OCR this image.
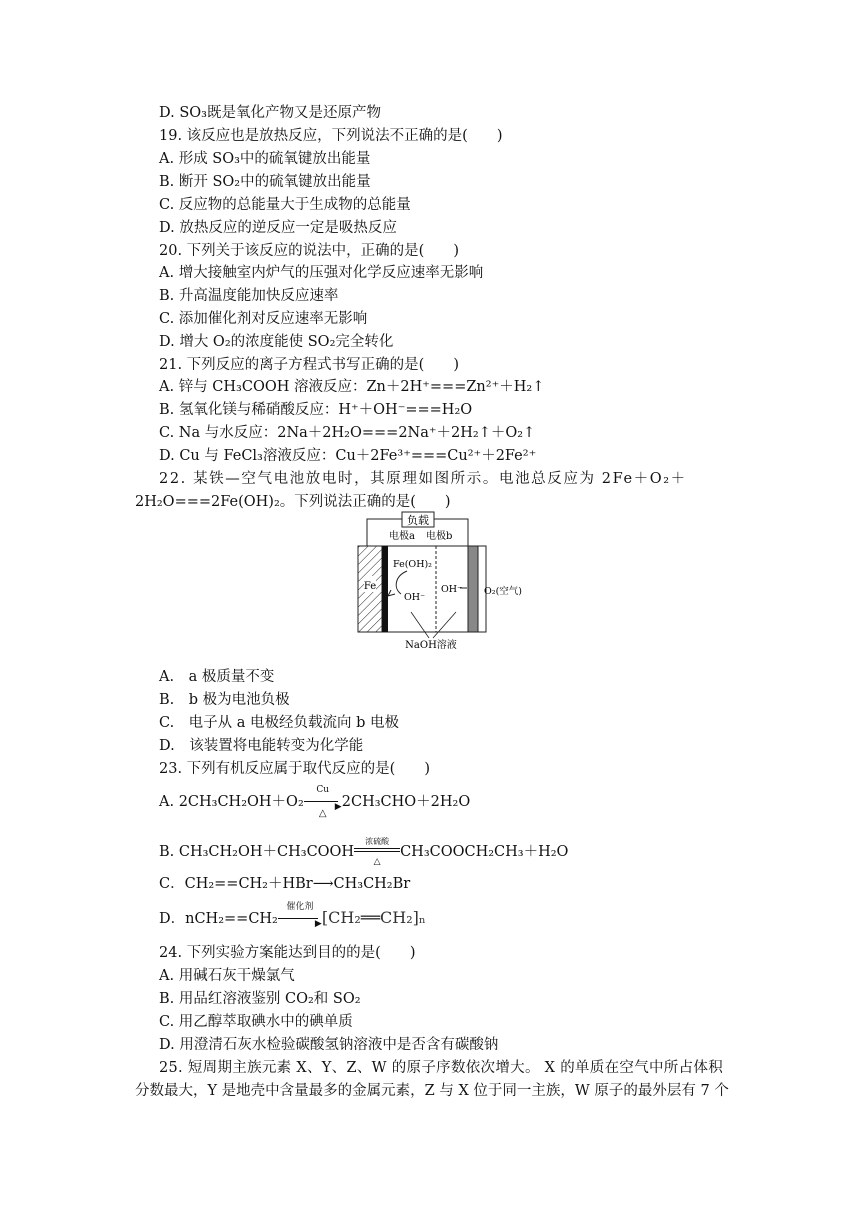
D. SO₃既是氧化产物又是还原产物
19. 该反应也是放热反应，下列说法不正确的是(　　)
A. 形成 SO₃中的硫氧键放出能量
B. 断开 SO₂中的硫氧键放出能量
C. 反应物的总能量大于生成物的总能量
D. 放热反应的逆反应一定是吸热反应
20. 下列关于该反应的说法中，正确的是(　　)
A. 增大接触室内炉气的压强对化学反应速率无影响
B. 升高温度能加快反应速率
C. 添加催化剂对反应速率无影响
D. 增大 O₂的浓度能使 SO₂完全转化
21. 下列反应的离子方程式书写正确的是(　　)
A. 锌与 CH₃COOH 溶液反应：Zn＋2H⁺===Zn²⁺＋H₂↑
B. 氢氧化镁与稀硝酸反应：H⁺＋OH⁻===H₂O
C. Na 与水反应：2Na＋2H₂O===2Na⁺＋2H₂↑＋O₂↑
D. Cu 与 FeCl₃溶液反应：Cu＋2Fe³⁺===Cu²⁺＋2Fe²⁺
22. 某铁—空气电池放电时，其原理如图所示。电池总反应为 2Fe＋O₂＋
2H₂O===2Fe(OH)₂。下列说法正确的是(　　)
负载
Fe
电极a 电极b
Fe(OH)₂
OH⁻
OH⁻ O₂(空气)
NaOH溶液
A.　a 极质量不变
B.　b 极为电池负极
C.　电子从 a 电极经负载流向 b 电极
D.　该装置将电能转变为化学能
23. 下列有机反应属于取代反应的是(　　)
A. 2CH₃CH₂OH＋O₂
Cu
▶
△
2CH₃CHO＋2H₂O
B. CH₃CH₂OH＋CH₃COOH
浓硫酸
△
CH₃COOCH₂CH₃＋H₂O
C．CH₂==CH₂＋HBr⟶CH₃CH₂Br
D．nCH₂==CH₂
催化剂
▶ [CH₂══CH₂]ₙ
24. 下列实验方案能达到目的的是(　　)
A. 用碱石灰干燥氯气
B. 用品红溶液鉴别 CO₂和 SO₂
C. 用乙醇萃取碘水中的碘单质
D. 用澄清石灰水检验碳酸氢钠溶液中是否含有碳酸钠
25. 短周期主族元素 X、Y、Z、W 的原子序数依次增大。 X 的单质在空气中所占体积
分数最大，Y 是地壳中含量最多的金属元素，Z 与 X 位于同一主族，W 原子的最外层有 7 个
